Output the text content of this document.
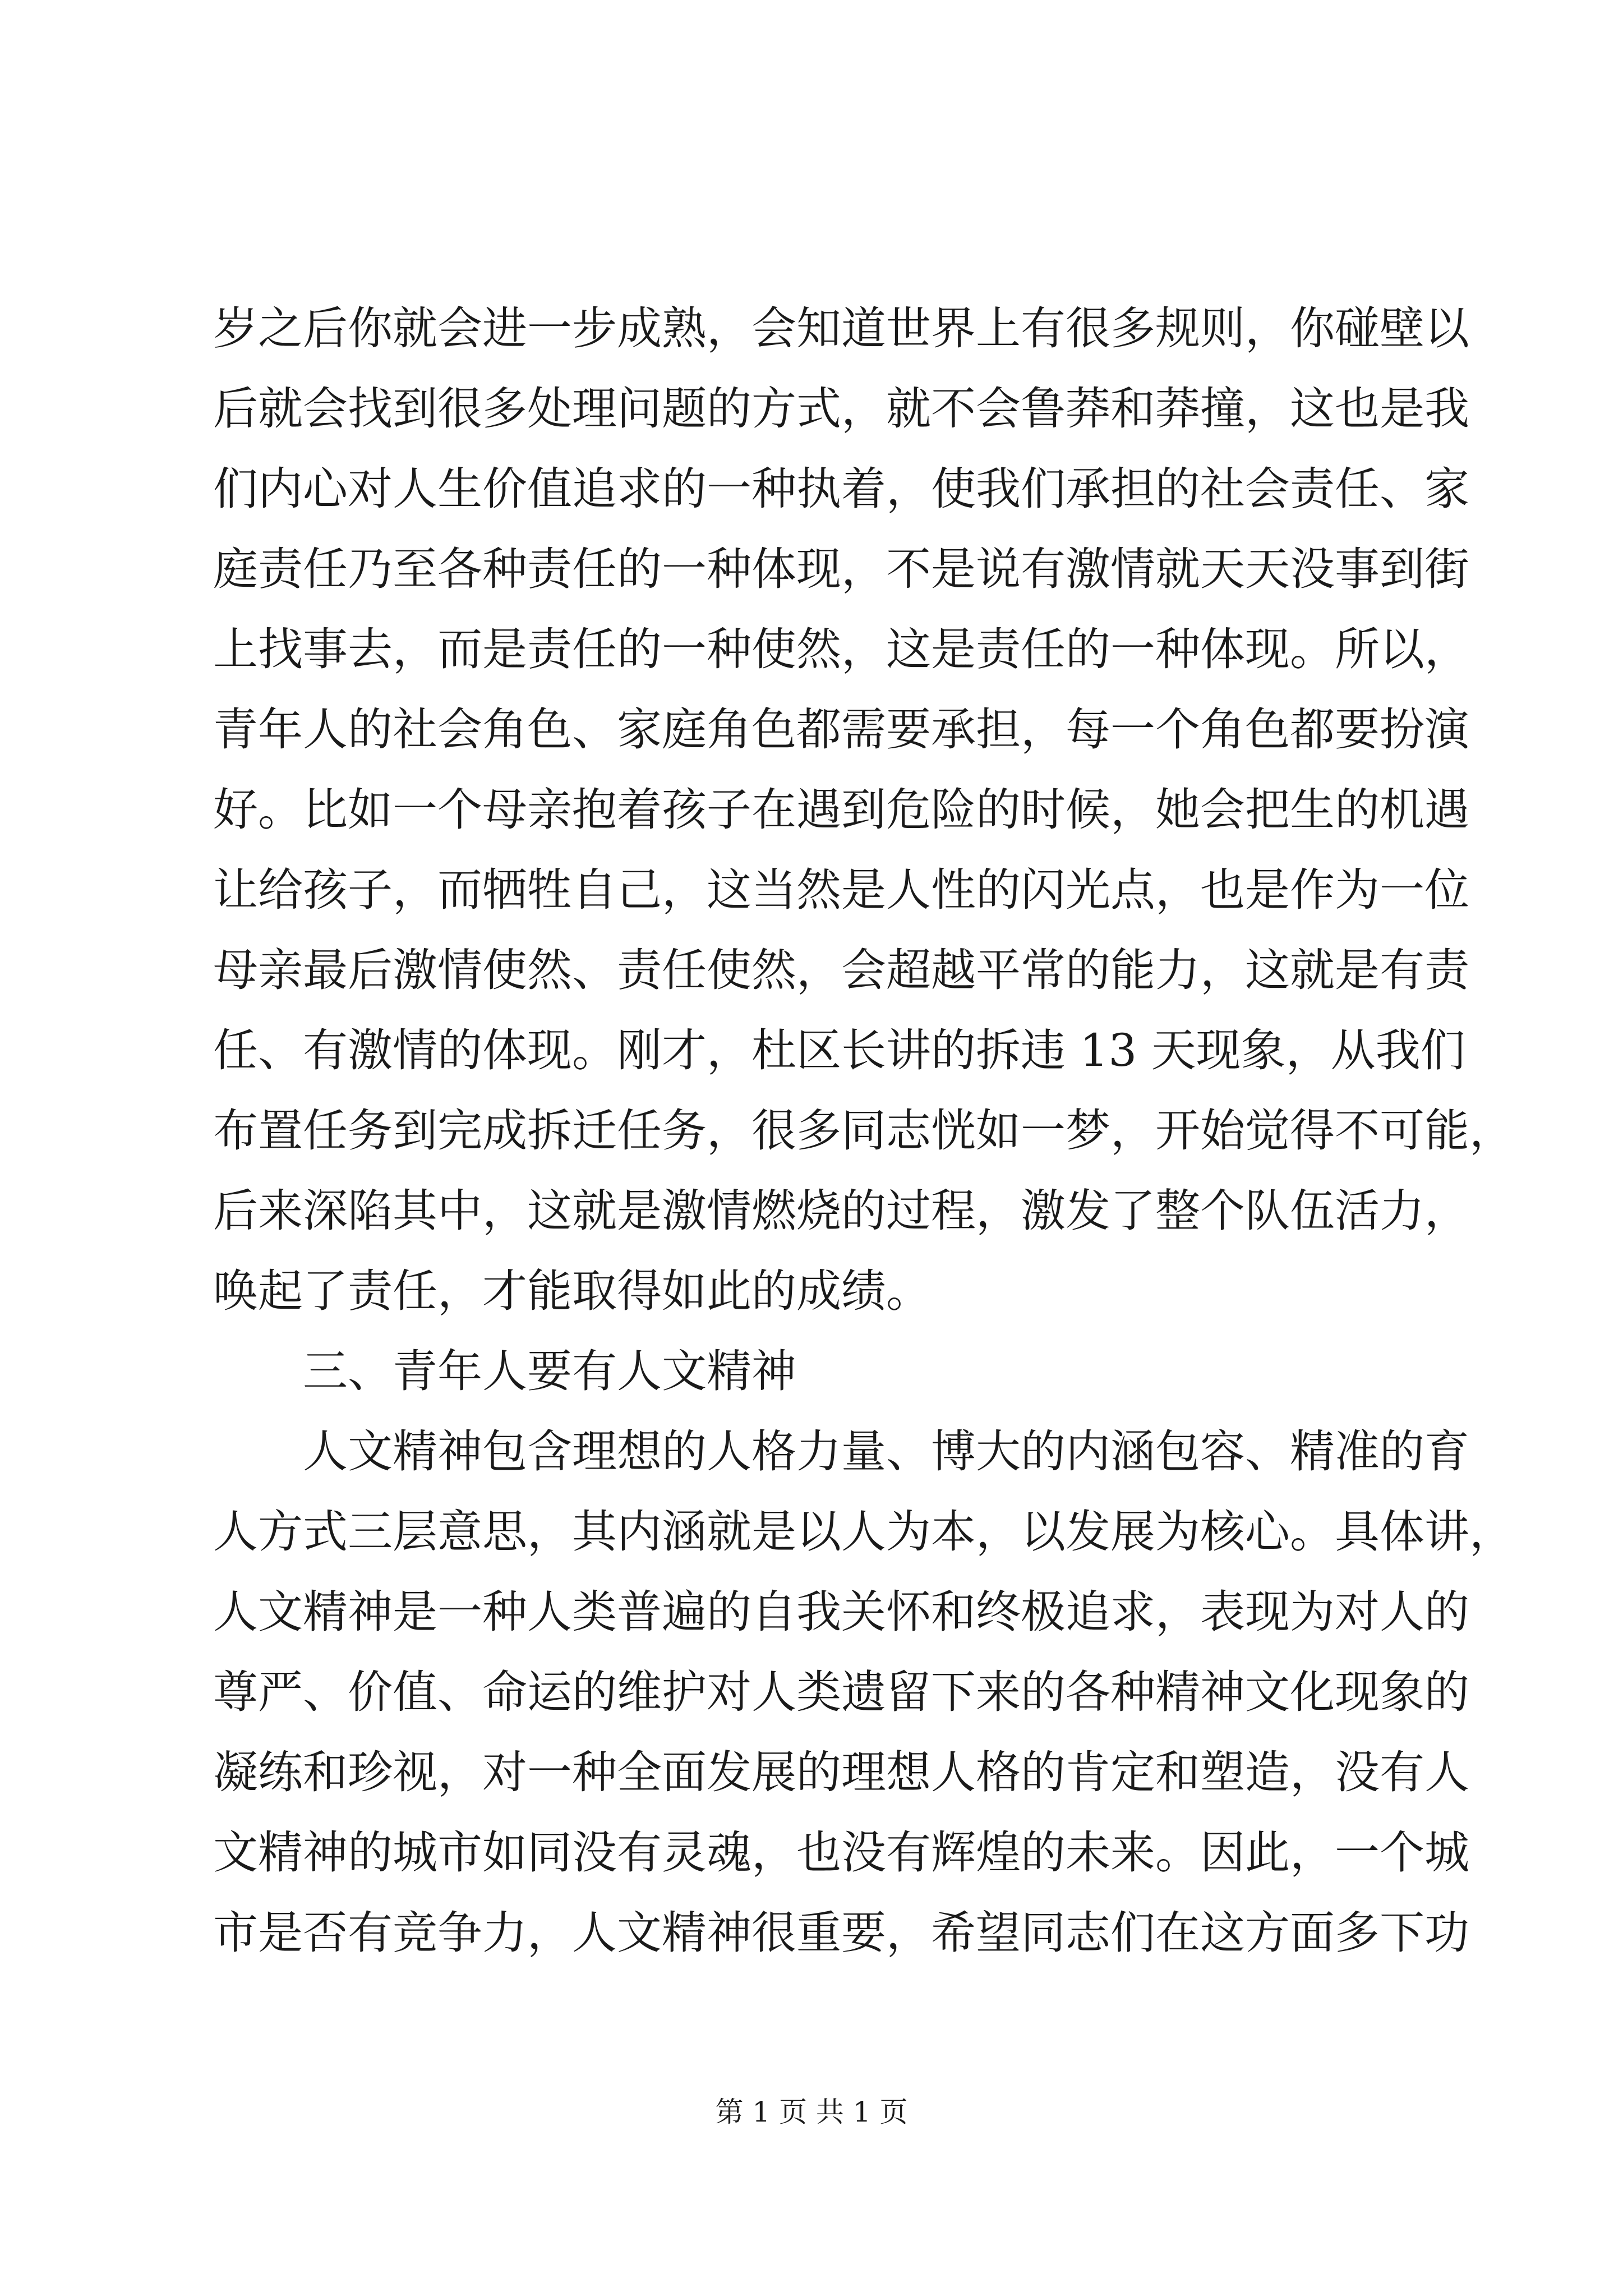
岁之后你就会进一步成熟，会知道世界上有很多规则，你碰壁以
后就会找到很多处理问题的方式，就不会鲁莽和莽撞，这也是我
们内心对人生价值追求的一种执着，使我们承担的社会责任、家
庭责任乃至各种责任的一种体现，不是说有激情就天天没事到街
上找事去，而是责任的一种使然，这是责任的一种体现。所以，
青年人的社会角色、家庭角色都需要承担，每一个角色都要扮演
好。比如一个母亲抱着孩子在遇到危险的时候，她会把生的机遇
让给孩子，而牺牲自己，这当然是人性的闪光点，也是作为一位
母亲最后激情使然、责任使然，会超越平常的能力，这就是有责
任、有激情的体现。刚才，杜区长讲的拆违 13 天现象，从我们
布置任务到完成拆迁任务，很多同志恍如一梦，开始觉得不可能，
后来深陷其中，这就是激情燃烧的过程，激发了整个队伍活力，
唤起了责任，才能取得如此的成绩。
三、青年人要有人文精神
人文精神包含理想的人格力量、博大的内涵包容、精准的育
人方式三层意思，其内涵就是以人为本，以发展为核心。具体讲，
人文精神是一种人类普遍的自我关怀和终极追求，表现为对人的
尊严、价值、命运的维护对人类遗留下来的各种精神文化现象的
凝练和珍视，对一种全面发展的理想人格的肯定和塑造，没有人
文精神的城市如同没有灵魂，也没有辉煌的未来。因此，一个城
市是否有竞争力，人文精神很重要，希望同志们在这方面多下功
第 1 页 共 1 页
